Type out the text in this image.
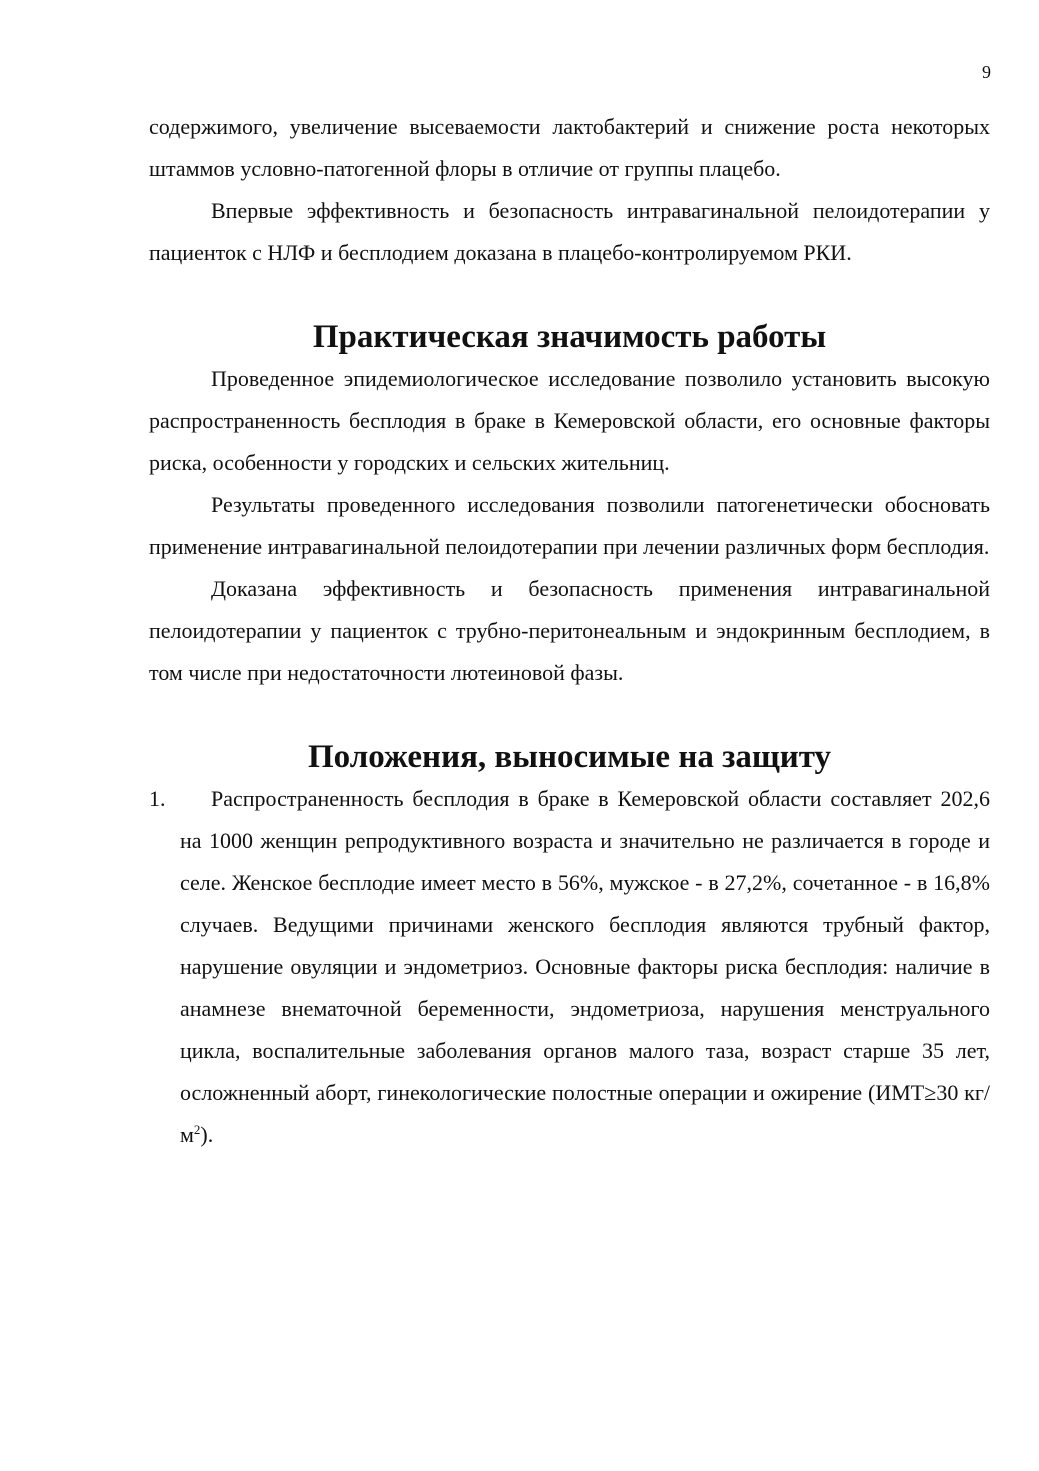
9

содержимого, увеличение высеваемости лактобактерий и снижение роста некоторых штаммов условно-патогенной флоры в отличие от группы плацебо.

Впервые эффективность и безопасность интравагинальной пелоидотерапии у пациенток с НЛФ и бесплодием доказана в плацебо-контролируемом РКИ.

Практическая значимость работы

Проведенное эпидемиологическое исследование позволило установить высокую распространенность бесплодия в браке в Кемеровской области, его основные факторы риска, особенности у городских и сельских жительниц.

Результаты проведенного исследования позволили патогенетически обосновать применение интравагинальной пелоидотерапии при лечении различных форм бесплодия.

Доказана эффективность и безопасность применения интравагинальной пелоидотерапии у пациенток с трубно-перитонеальным и эндокринным бесплодием, в том числе при недостаточности лютеиновой фазы.

Положения, выносимые на защиту
1.	Распространенность бесплодия в браке в Кемеровской области составляет 202,6 на 1000 женщин репродуктивного возраста и значительно не различается в городе и селе. Женское бесплодие имеет место в 56%, мужское - в 27,2%, сочетанное - в 16,8% случаев. Ведущими причинами женского бесплодия являются трубный фактор, нарушение овуляции и эндометриоз. Основные факторы риска бесплодия: наличие в анамнезе внематочной беременности, эндометриоза, нарушения менструального цикла, воспалительные заболевания органов малого таза, возраст старше 35 лет, осложненный аборт, гинекологические полостные операции и ожирение (ИМТ≥30 $кг/м^2$).
